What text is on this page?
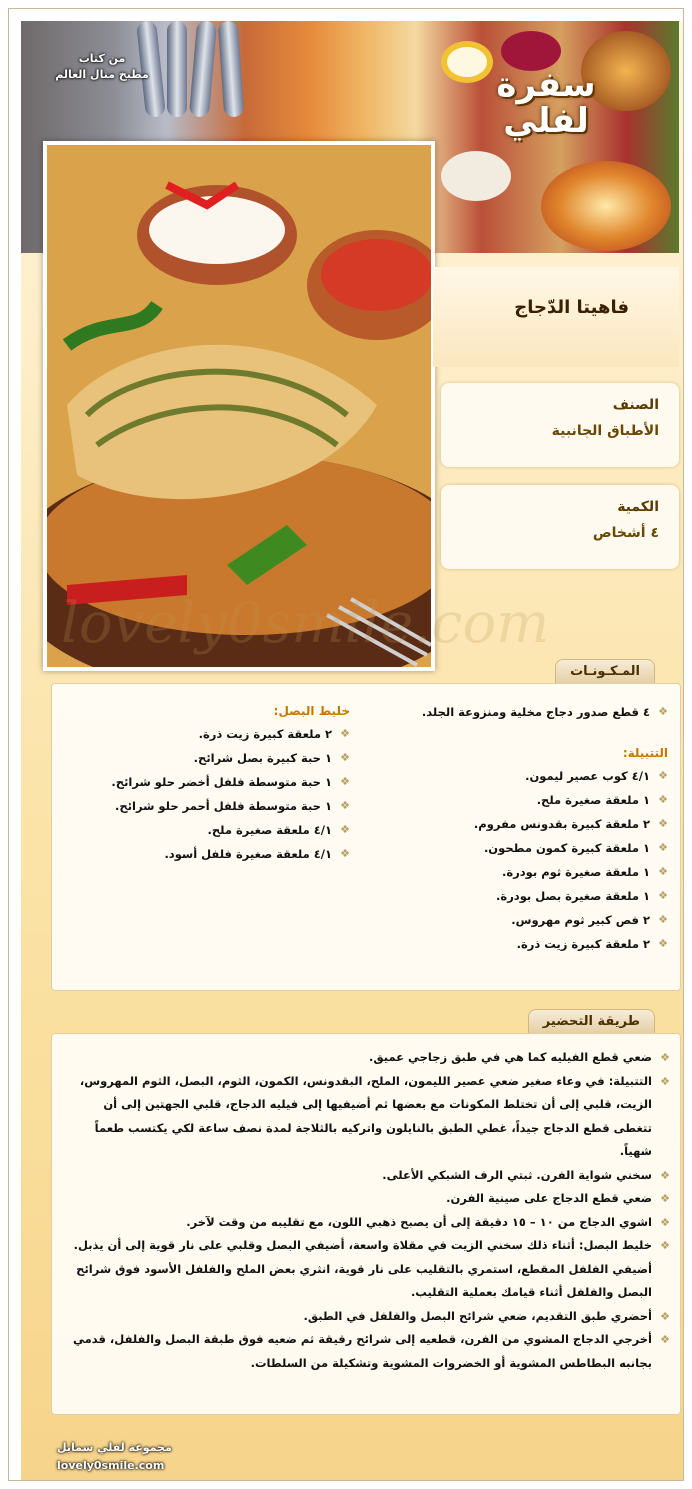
من كتاب
مطبخ منال العالم	سفرة
لفلي
lovely0smile.com
فاهيتا الدّجاج
الصنف
الأطباق الجانبية
الكمية
٤ أشخاص
المـكـونـات
❖
٤ قطع صدور دجاج مخلية ومنزوعة الجلد.
التتبيلة:
❖
٤/١ كوب عصير ليمون.
❖
١ ملعقة صغيرة ملح.
❖
٢ ملعقة كبيرة بقدونس مفروم.
❖
١ ملعقة كبيرة كمون مطحون.
❖
١ ملعقة صغيرة ثوم بودرة.
❖
١ ملعقة صغيرة بصل بودرة.
❖
٢ فص كبير ثوم مهروس.
❖
٢ ملعقة كبيرة زيت ذرة.
خليط البصل:
❖
٢ ملعقة كبيرة زيت ذرة.
❖
١ حبة كبيرة بصل شرائح.
❖
١ حبة متوسطة فلفل أخضر حلو شرائح.
❖
١ حبة متوسطة فلفل أحمر حلو شرائح.
❖
٤/١ ملعقة صغيرة ملح.
❖
٤/١ ملعقة صغيرة فلفل أسود.
طريقة التحضير
❖
ضعي قطع الفيليه كما هي في طبق زجاجي عميق.
❖
التتبيلة: في وعاء صغير ضعي عصير الليمون، الملح، البقدونس، الكمون، الثوم، البصل، الثوم المهروس، الزيت، قلبي إلى أن تختلط المكونات مع بعضها ثم أضيفيها إلى فيليه الدجاج، قلبي الجهتين إلى أن تتغطى قطع الدجاج جيداً، غطي الطبق بالنايلون واتركيه بالثلاجة لمدة نصف ساعة لكي يكتسب طعماً شهياً.
❖
سخني شواية الفرن. ثبتي الرف الشبكي الأعلى.
❖
ضعي قطع الدجاج على صينية الفرن.
❖
اشوي الدجاج من ١٠ – ١٥ دقيقة إلى أن يصبح ذهبي اللون، مع تقليبه من وقت لآخر.
❖
خليط البصل: أثناء ذلك سخني الزيت في مقلاة واسعة، أضيفي البصل وقلبي على نار قوية إلى أن يذبل. أضيفي الفلفل المقطع، استمري بالتقليب على نار قوية، انثري بعض الملح والفلفل الأسود فوق شرائح البصل والفلفل أثناء قيامك بعملية التقليب.
❖
أحضري طبق التقديم، ضعي شرائح البصل والفلفل في الطبق.
❖
أخرجي الدجاج المشوي من الفرن، قطعيه إلى شرائح رقيقة ثم ضعيه فوق طبقة البصل والفلفل، قدمي بجانبه البطاطس المشوية أو الخضروات المشوية وتشكيلة من السلطات.
مجموعة لفلي سمايل
lovely0smile.com
